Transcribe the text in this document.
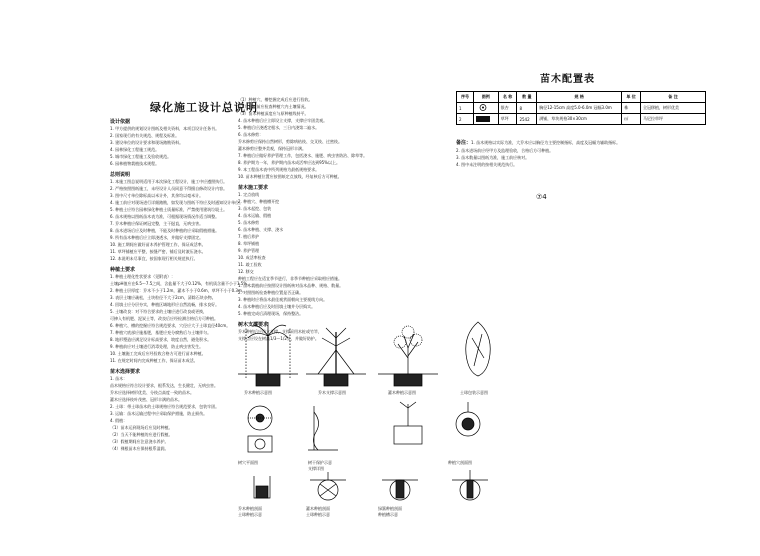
绿化施工设计总说明
设计依据
1. 甲方提供的规划设计图纸及相关资料，本项目设计任务书。
2. 国家现行的有关规范、规程及标准。
3. 建设单位的设计要求和现场踏勘资料。
4. 园林绿化工程施工规范。
5. 城市绿化工程施工及验收规范。
6. 园林植物栽植技术规程。
总则说明
1. 本施工图总说明适用于本次绿化工程设计，施工中应遵照执行。
2. 严格按照图纸施工，未经设计人员同意不得擅自修改设计内容。
3. 图中尺寸单位除标高以米计外，其余均以毫米计。
4. 施工前应对现场进行详细踏勘，如发现与图纸不符应及时通知设计单位。
5. 种植土应符合园林绿化种植土质量标准，严禁使用建筑垃圾土。
6. 苗木规格以图纸苗木表为准，可根据现场情况作适当调整。
7. 乔木种植应保证树冠完整，主干挺直，无病虫害。
8. 苗木进场后应及时种植，不能及时种植的应采取假植措施。
9. 所有苗木种植后应立即浇透水，并做好支撑固定。
10. 施工期间应做好苗木养护管理工作，保证成活率。
11. 草坪铺植应平整，接缝严密，铺后及时滚压浇水。
12. 本说明未尽事宜，按国家现行相关规范执行。
种植土要求
1. 种植土理化性状要求（见附表）：
土壤pH值应在6.5～7.5之间，含盐量不大于0.12%，有机质含量不小于1.5%。
2. 种植土层厚度：乔木不小于1.2m，灌木不小于0.6m，草坪不小于0.3m。
3. 表层土壤应疏松，土块粒径不大于2cm，清除石块杂物。
4. 回填土应分层夯实，种植区域地形应自然流畅，排水良好。
5. 土壤改良：对不符合要求的土壤应进行改良或更换，
可掺入有机肥、泥炭土等，改良后应经检测合格后方可种植。
6. 种植穴、槽的挖掘应符合规范要求，穴径应大于土球直径40cm。
7. 种植穴底部应施基肥，基肥应充分腐熟后与土壤拌匀。
8. 地形塑造应满足设计标高要求，坡度自然，避免积水。
9. 种植前应对土壤进行消毒处理，防止病虫害发生。
10. 土壤施工完成后应经验收合格方可进行苗木种植。
11. 在规定时间内完成种植工作，保证苗木成活。
苗木选择要求
1. 苗木：
苗木规格应符合设计要求，根系发达，生长健壮，无病虫害。
乔木应选择树形优美、分枝点高度一致的苗木。
灌木应选择枝叶茂密、冠形丰满的苗木。
2. 土球：带土球苗木的土球规格应符合规范要求，包装牢固。
3. 运输：苗木运输过程中应采取保护措施，防止损伤。
4. 假植：
（1）苗木运到现场后应及时种植。
（2）当天不能种植的应进行假植。
（3）假植期间应注意浇水养护。
（4）裸根苗木应保持根系湿润。
（1）种植穴、槽挖掘完成后应进行验收。
（2）种植前应检查种植穴内土壤情况。
（3）苗木种植深度应与原种植线持平。
4. 苗木种植后应立即设立支撑，支撑应牢固美观。
5. 种植后应浇透定根水，三日内浇第二遍水。
6. 苗木修剪：
乔木修剪应保持自然树形，剪除病枯枝、交叉枝、过密枝。
灌木修剪应整齐美观，保持冠形丰满。
7. 种植后应做好养护管理工作，包括浇水、施肥、病虫害防治、除草等。
8. 养护期为一年，养护期内苗木成活率应达到95%以上。
9. 本工程苗木表中所列规格为最低规格要求。
10. 苗木种植位置应按图纸定点放线，经复核后方可种植。
苗木施工要求
1. 定点放线
2. 种植穴、种植槽开挖
3. 苗木起挖、包装
4. 苗木运输、假植
5. 苗木修剪
6. 苗木种植、支撑、浇水
7. 植后养护
8. 草坪铺植
9. 养护管理
10. 成活率检查
11. 竣工验收
12. 移交
种植工程应在适宜季节进行，非季节种植应采取相应措施。
1. 苗木栽植前应按照设计图纸核对苗木品种、规格、数量。
2. 对照图纸检查种植位置是否正确。
3. 种植时应将苗木最佳观赏面朝向主要视线方向。
4. 苗木种植后应及时回填土壤并分层捣实。
5. 种植完成后清理现场，保持整洁。
树木支撑要求
乔木种植后应设立支撑，支撑采用木桩或竹竿，
支撑点应设在树高1/3～1/2处，并做好防护。
苗木配置表
序号	图例	名 称	数 量	规 格	单 位	备 注
1		银杏	8	胸径12-15cm 高度5.0-6.0m 冠幅3.0m	株	全冠移植，树形优美
2		草坪	2542	满铺，草块规格30×30cm	㎡	马尼拉草坪
备注：1. 苗木规格以实际为准，大乔木应以胸径为主要控制指标，高度及冠幅为辅助指标。
2. 苗木进场前应经甲方及监理验收，合格后方可种植。
3. 苗木数量以图纸为准，施工前应核对。
4. 图中未注明的按相关规范执行。
⑦4
乔木种植示意图	乔木支撑示意图	灌木种植示意图	土球包装示意图
树穴平面图	树干保护示意
支撑详图
种植穴剖面图
乔木种植剖面
土球种植示意
灌木种植剖面
土球种植示意
绿篱种植剖面
种植槽示意
